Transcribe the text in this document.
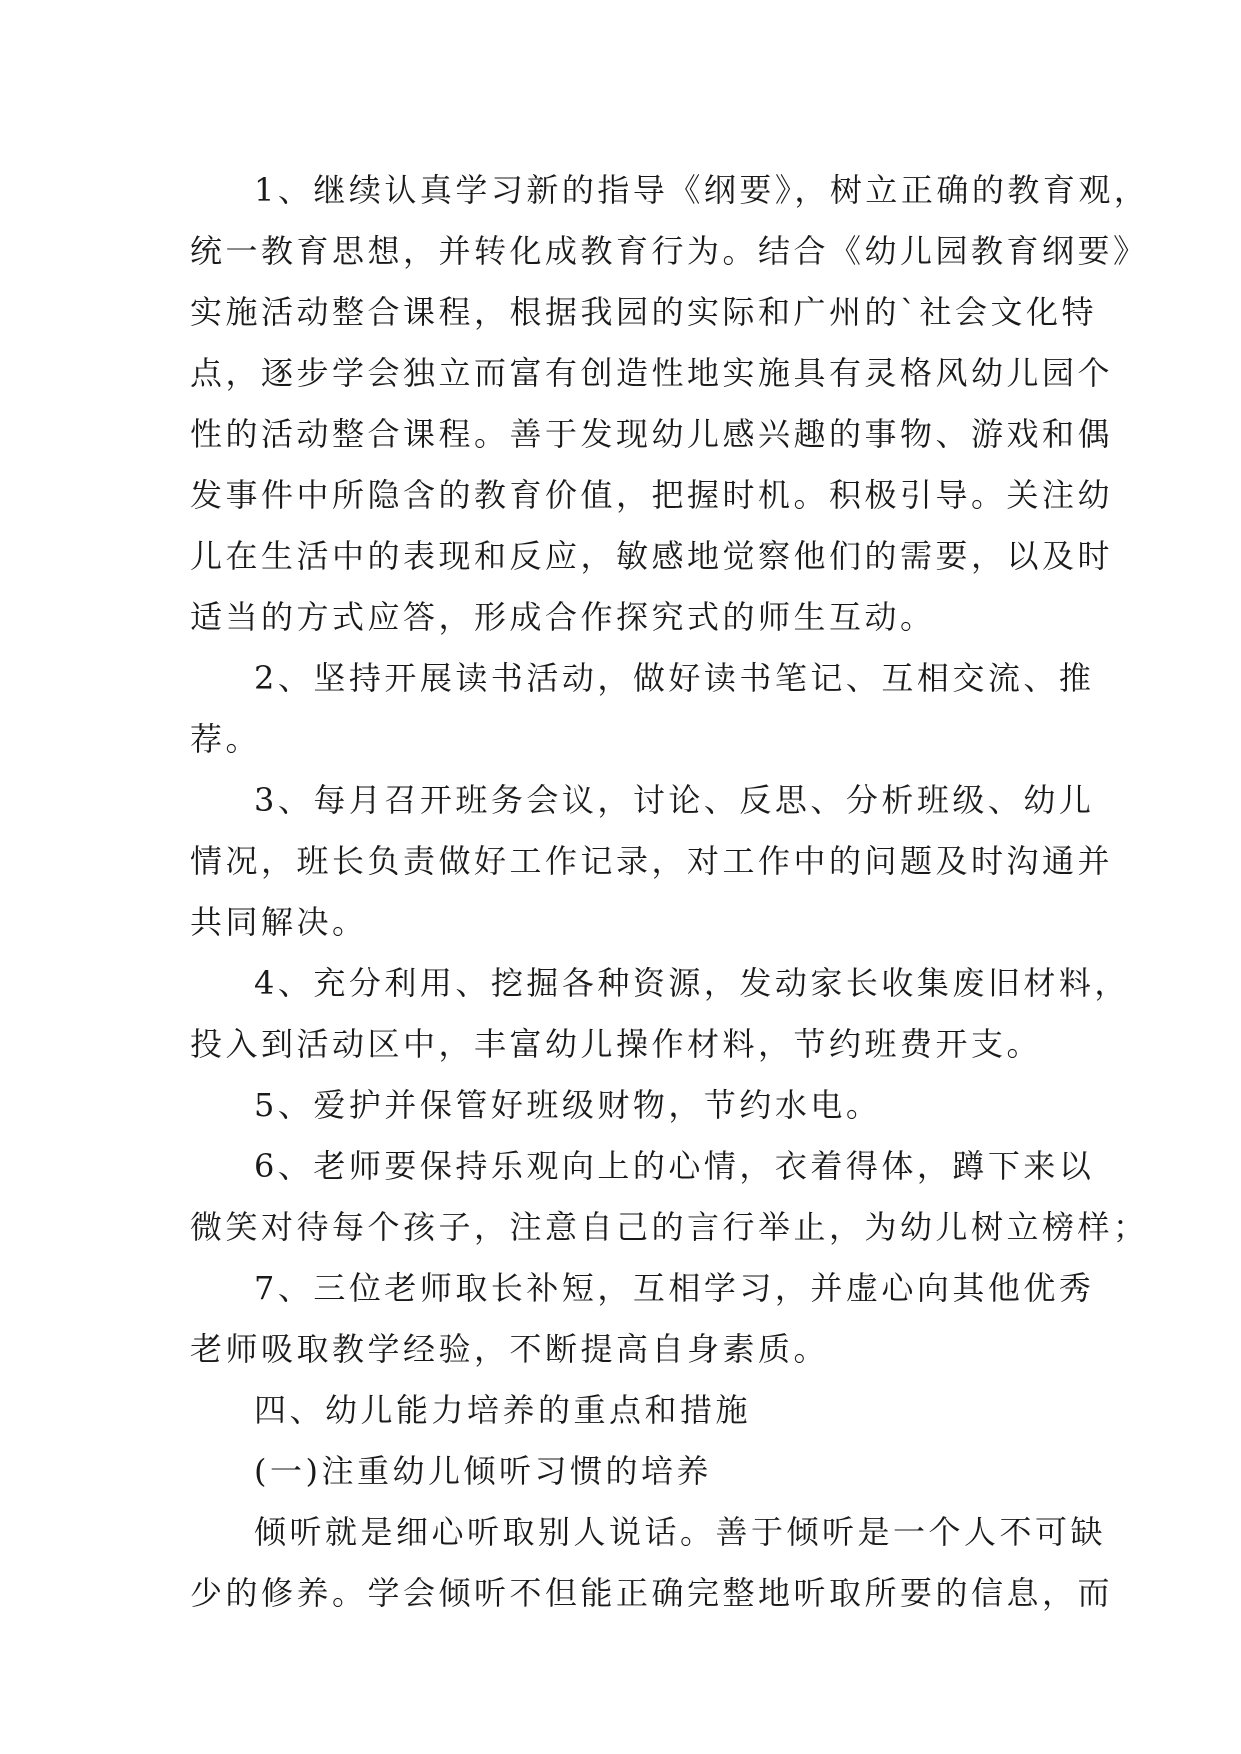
1、继续认真学习新的指导《纲要》，树立正确的教育观，
统一教育思想，并转化成教育行为。结合《幼儿园教育纲要》
实施活动整合课程，根据我园的实际和广州的`社会文化特
点，逐步学会独立而富有创造性地实施具有灵格风幼儿园个
性的活动整合课程。善于发现幼儿感兴趣的事物、游戏和偶
发事件中所隐含的教育价值，把握时机。积极引导。关注幼
儿在生活中的表现和反应，敏感地觉察他们的需要，以及时
适当的方式应答，形成合作探究式的师生互动。
2、坚持开展读书活动，做好读书笔记、互相交流、推
荐。
3、每月召开班务会议，讨论、反思、分析班级、幼儿
情况，班长负责做好工作记录，对工作中的问题及时沟通并
共同解决。
4、充分利用、挖掘各种资源，发动家长收集废旧材料，
投入到活动区中，丰富幼儿操作材料，节约班费开支。
5、爱护并保管好班级财物，节约水电。
6、老师要保持乐观向上的心情，衣着得体，蹲下来以
微笑对待每个孩子，注意自己的言行举止，为幼儿树立榜样；
7、三位老师取长补短，互相学习，并虚心向其他优秀
老师吸取教学经验，不断提高自身素质。
四、幼儿能力培养的重点和措施
(一)注重幼儿倾听习惯的培养
倾听就是细心听取别人说话。善于倾听是一个人不可缺
少的修养。学会倾听不但能正确完整地听取所要的信息，而
